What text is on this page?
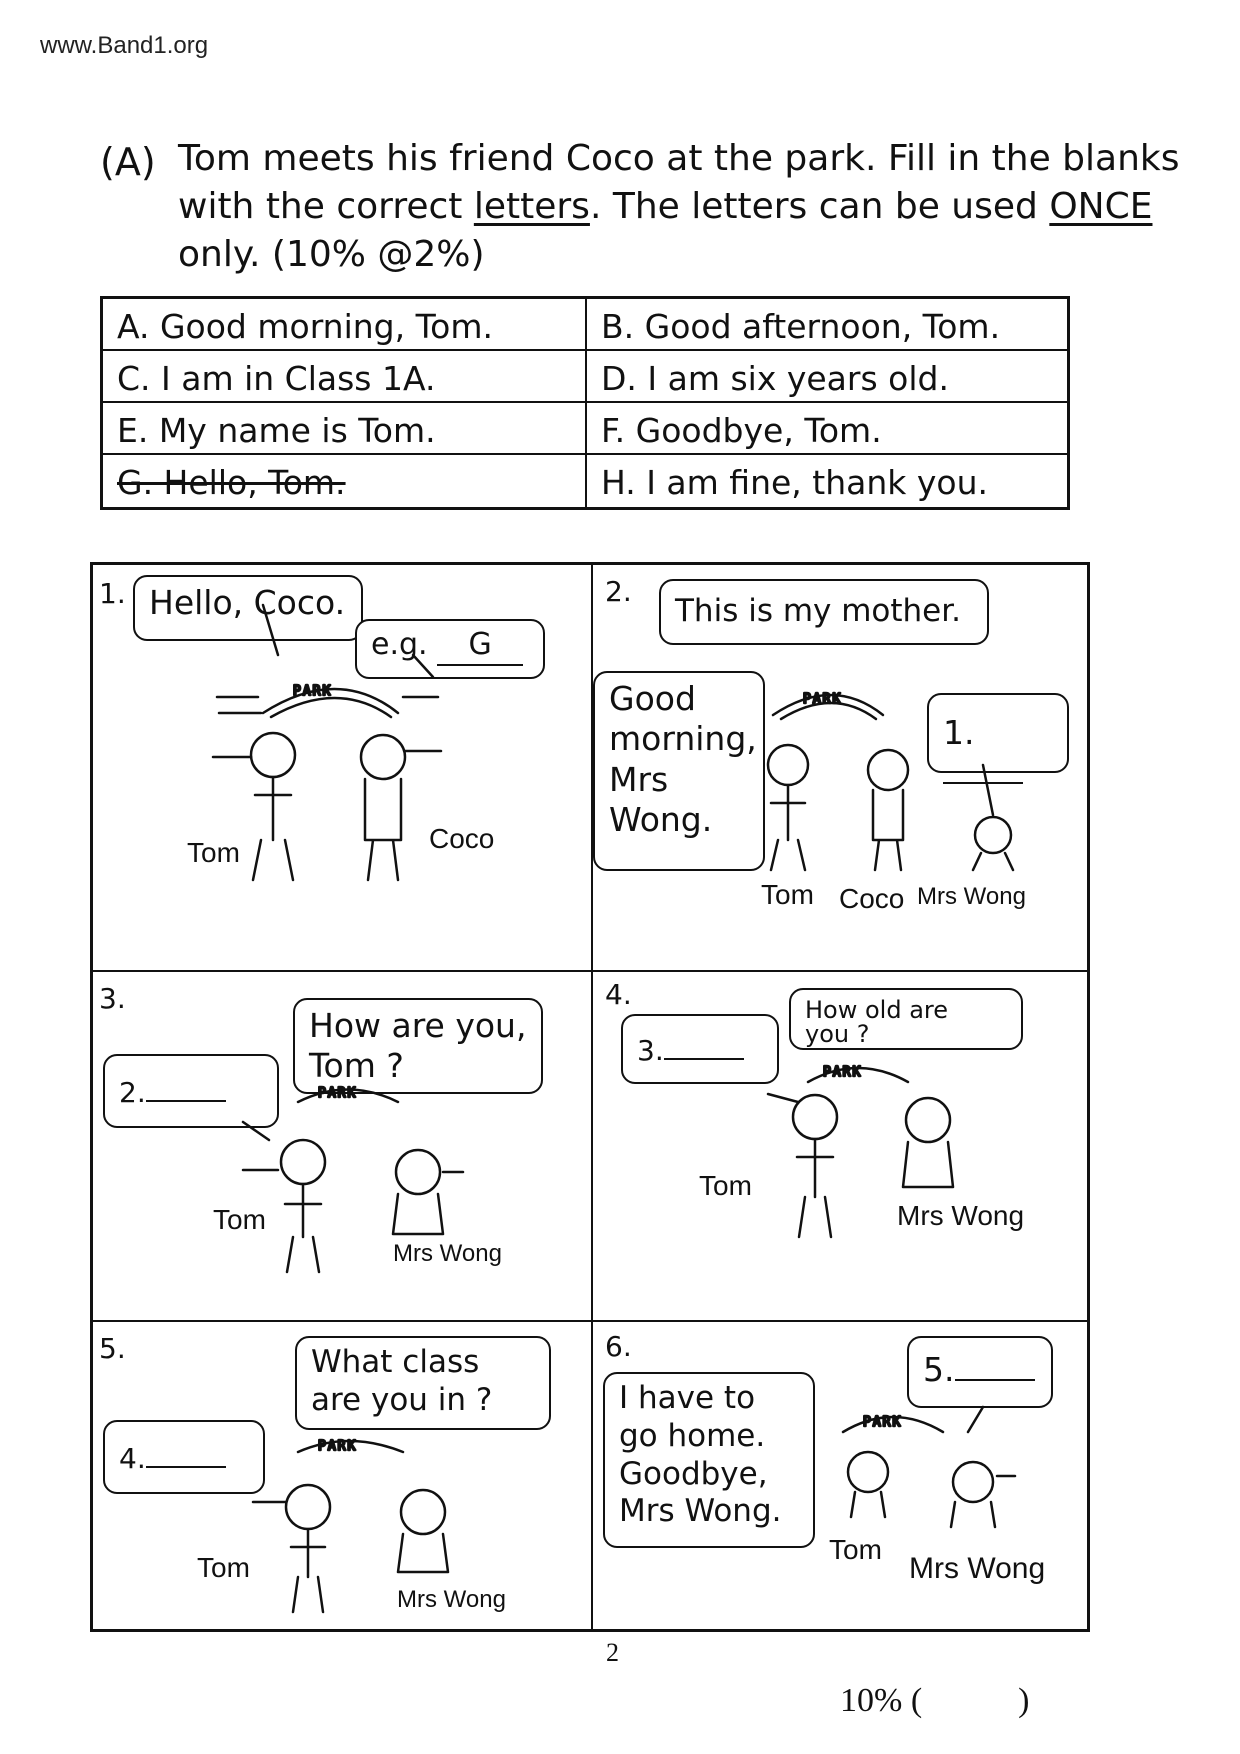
www.Band1.org
(A) Tom meets his friend Coco at the park. Fill in the blanks
with the correct letters. The letters can be used ONCE
only. (10% @2%)
A. Good morning, Tom.	B. Good afternoon, Tom.
C. I am in Class 1A.	D. I am six years old.
E. My name is Tom.	F. Goodbye, Tom.
G. Hello, Tom.	H. I am fine, thank you.
1. Hello, Coco.
e.g. G
PARK
Tom	Coco
2.
This is my mother.
Good
morning,
Mrs
Wong.
1.
PARK
Tom Coco Mrs Wong
3.
How are you,
Tom ?
2.	PARK
Tom
Mrs Wong
4.	How old are
you ?
3.
PARK
Tom
Mrs Wong
5.	What class
are you in ?
4.	PARK
Tom
Mrs Wong
6.
I have to
go home.
Goodbye,
Mrs Wong.
5.
PARK
Tom
Mrs Wong
2
10% (	)
